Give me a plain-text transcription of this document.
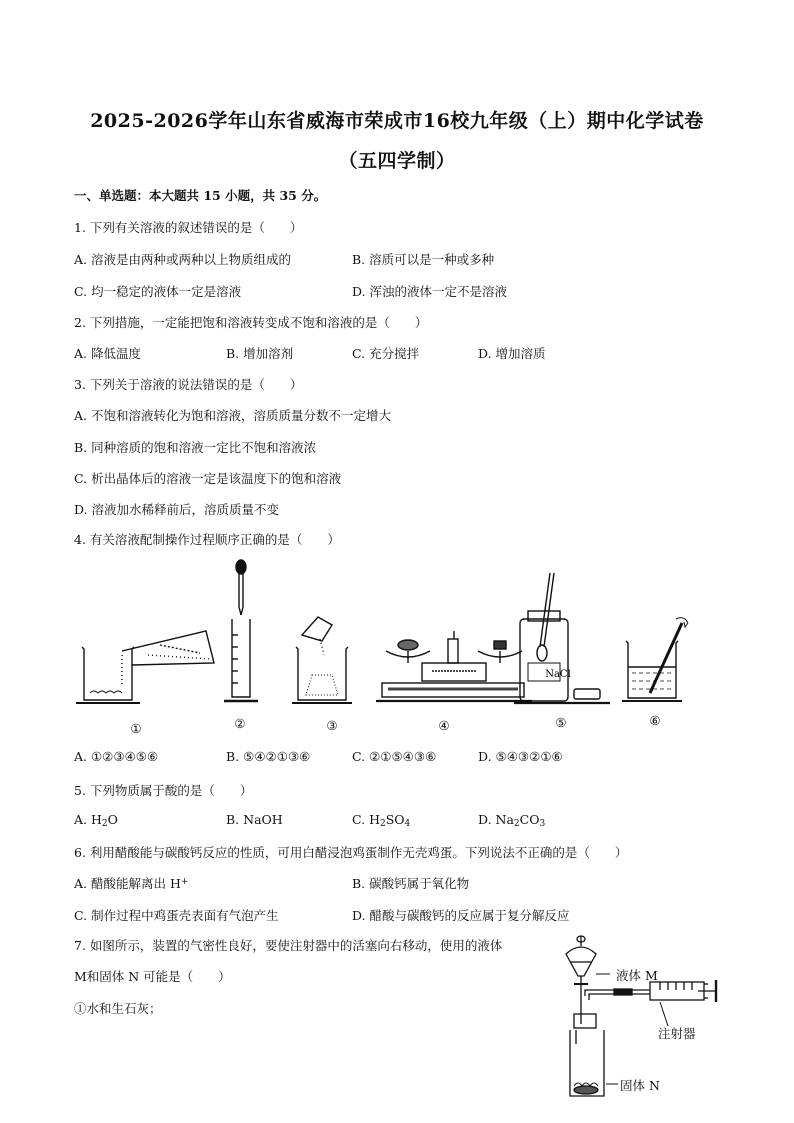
2025-2026学年山东省威海市荣成市16校九年级（上）期中化学试卷
（五四学制）
一、单选题：本大题共 15 小题，共 35 分。
1. 下列有关溶液的叙述错误的是（　　）
A. 溶液是由两种或两种以上物质组成的	B. 溶质可以是一种或多种
C. 均一稳定的液体一定是溶液	D. 浑浊的液体一定不是溶液
2. 下列措施，一定能把饱和溶液转变成不饱和溶液的是（　　）
A. 降低温度	B. 增加溶剂	C. 充分搅拌	D. 增加溶质
3. 下列关于溶液的说法错误的是（　　）
A. 不饱和溶液转化为饱和溶液，溶质质量分数不一定增大
B. 同种溶质的饱和溶液一定比不饱和溶液浓
C. 析出晶体后的溶液一定是该温度下的饱和溶液
D. 溶液加水稀释前后，溶质质量不变
4. 有关溶液配制操作过程顺序正确的是（　　）
NaCl
①	②	③	④	⑤	⑥
A. ①②③④⑤⑥	B. ⑤④②①③⑥	C. ②①⑤④③⑥	D. ⑤④③②①⑥
5. 下列物质属于酸的是（　　）
A. $H_2O$	B. NaOH	C. $H_2SO_4$	D. $Na_2CO_3$
6. 利用醋酸能与碳酸钙反应的性质，可用白醋浸泡鸡蛋制作无壳鸡蛋。下列说法不正确的是（　　）
A. 醋酸能解离出 H+	B. 碳酸钙属于氧化物
C. 制作过程中鸡蛋壳表面有气泡产生	D. 醋酸与碳酸钙的反应属于复分解反应
7. 如图所示，装置的气密性良好，要使注射器中的活塞向右移动，使用的液体
M和固体 N 可能是（　　）
①水和生石灰；
液体 M
注射器
固体 N
